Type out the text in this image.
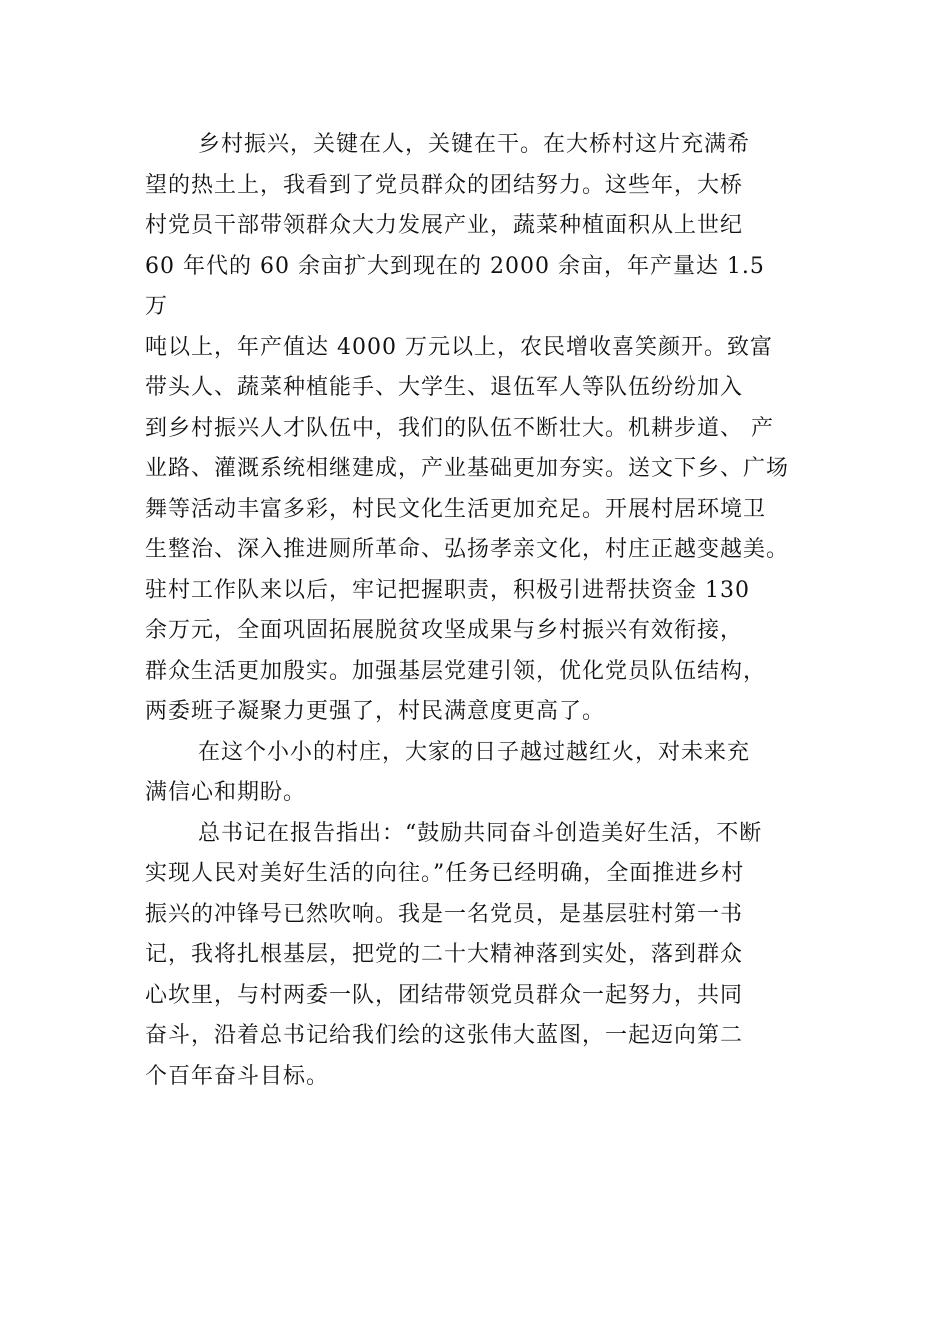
乡村振兴，关键在人，关键在干。在大桥村这片充满希
望的热土上，我看到了党员群众的团结努力。这些年，大桥
村党员干部带领群众大力发展产业，蔬菜种植面积从上世纪
60 年代的 60 余亩扩大到现在的 2000 余亩，年产量达 1.5
万
吨以上，年产值达 4000 万元以上，农民增收喜笑颜开。致富
带头人、蔬菜种植能手、大学生、退伍军人等队伍纷纷加入
到乡村振兴人才队伍中，我们的队伍不断壮大。机耕步道、 产
业路、灌溉系统相继建成，产业基础更加夯实。送文下乡、广场
舞等活动丰富多彩，村民文化生活更加充足。开展村居环境卫
生整治、深入推进厕所革命、弘扬孝亲文化，村庄正越变越美。
驻村工作队来以后，牢记把握职责，积极引进帮扶资金 130
余万元，全面巩固拓展脱贫攻坚成果与乡村振兴有效衔接，
群众生活更加殷实。加强基层党建引领，优化党员队伍结构，
两委班子凝聚力更强了，村民满意度更高了。
在这个小小的村庄，大家的日子越过越红火，对未来充
满信心和期盼。
总书记在报告指出：“鼓励共同奋斗创造美好生活，不断
实现人民对美好生活的向往。”任务已经明确，全面推进乡村
振兴的冲锋号已然吹响。我是一名党员，是基层驻村第一书
记，我将扎根基层，把党的二十大精神落到实处，落到群众
心坎里，与村两委一队，团结带领党员群众一起努力，共同
奋斗，沿着总书记给我们绘的这张伟大蓝图，一起迈向第二
个百年奋斗目标。
